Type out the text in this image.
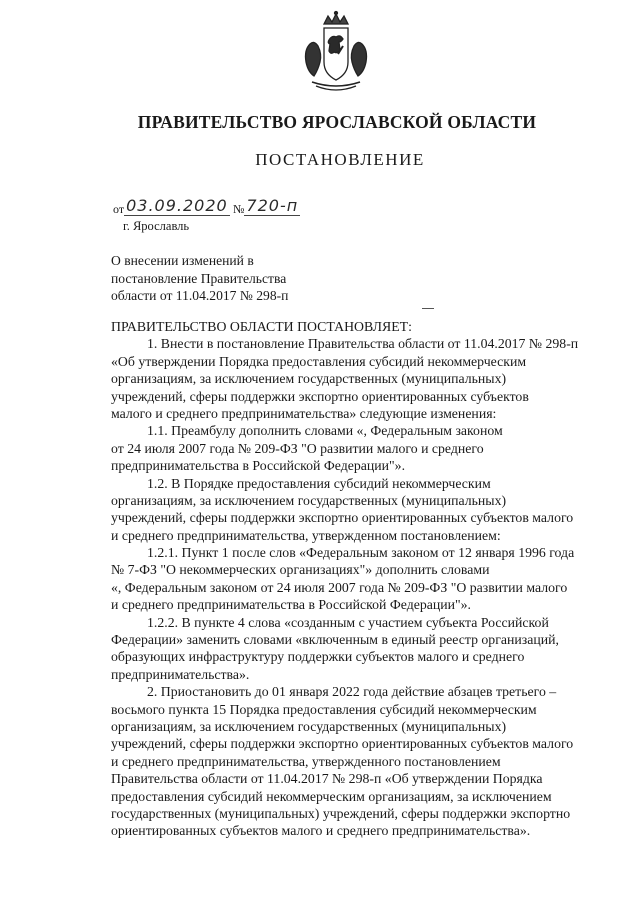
ПРАВИТЕЛЬСТВО ЯРОСЛАВСКОЙ ОБЛАСТИ
ПОСТАНОВЛЕНИЕ
от 03.09.2020 № 720-п
г. Ярославль
О внесении изменений в
постановление Правительства
области от 11.04.2017 № 298-п
ПРАВИТЕЛЬСТВО ОБЛАСТИ ПОСТАНОВЛЯЕТ:
1. Внести в постановление Правительства области от 11.04.2017 № 298-п
«Об утверждении Порядка предоставления субсидий некоммерческим
организациям, за исключением государственных (муниципальных)
учреждений, сферы поддержки экспортно ориентированных субъектов
малого и среднего предпринимательства» следующие изменения:
1.1. Преамбулу дополнить словами «, Федеральным законом
от 24 июля 2007 года № 209-ФЗ "О развитии малого и среднего
предпринимательства в Российской Федерации"».
1.2. В Порядке предоставления субсидий некоммерческим
организациям, за исключением государственных (муниципальных)
учреждений, сферы поддержки экспортно ориентированных субъектов малого
и среднего предпринимательства, утвержденном постановлением:
1.2.1. Пункт 1 после слов «Федеральным законом от 12 января 1996 года
№ 7-ФЗ "О некоммерческих организациях"» дополнить словами
«, Федеральным законом от 24 июля 2007 года № 209-ФЗ "О развитии малого
и среднего предпринимательства в Российской Федерации"».
1.2.2. В пункте 4 слова «созданным с участием субъекта Российской
Федерации» заменить словами «включенным в единый реестр организаций,
образующих инфраструктуру поддержки субъектов малого и среднего
предпринимательства».
2. Приостановить до 01 января 2022 года действие абзацев третьего –
восьмого пункта 15 Порядка предоставления субсидий некоммерческим
организациям, за исключением государственных (муниципальных)
учреждений, сферы поддержки экспортно ориентированных субъектов малого
и среднего предпринимательства, утвержденного постановлением
Правительства области от 11.04.2017 № 298-п «Об утверждении Порядка
предоставления субсидий некоммерческим организациям, за исключением
государственных (муниципальных) учреждений, сферы поддержки экспортно
ориентированных субъектов малого и среднего предпринимательства».
